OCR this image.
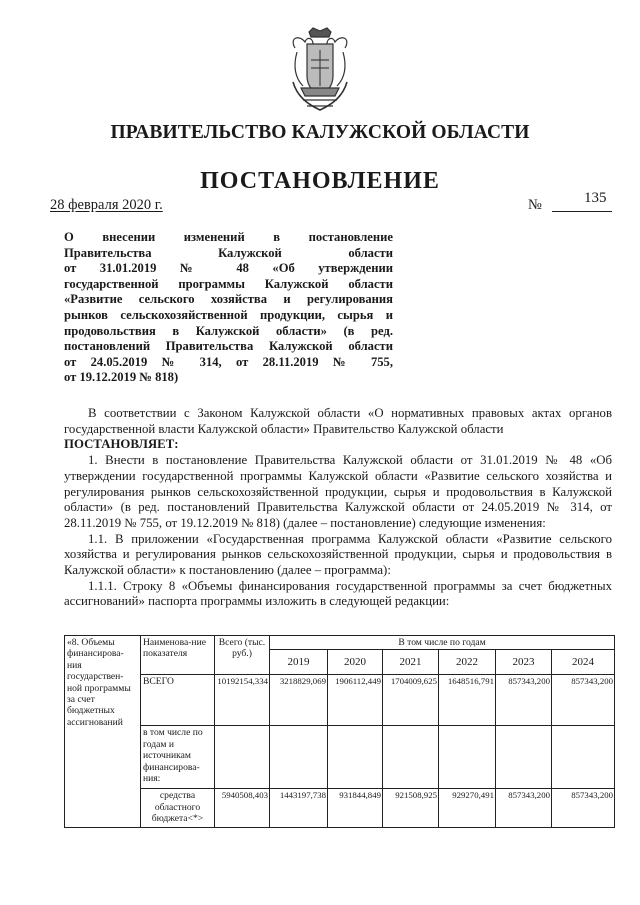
ПРАВИТЕЛЬСТВО КАЛУЖСКОЙ ОБЛАСТИ
ПОСТАНОВЛЕНИЕ
28 февраля 2020 г.	№	135
О внесении изменений в постановление
Правительства Калужской области
от 31.01.2019 № 48 «Об утверждении
государственной программы Калужской области
«Развитие сельского хозяйства и регулирования
рынков сельскохозяйственной продукции, сырья и
продовольствия в Калужской области» (в ред.
постановлений Правительства Калужской области
от 24.05.2019 № 314, от 28.11.2019 № 755,
от 19.12.2019 № 818)

В соответствии с Законом Калужской области «О нормативных правовых актах органов государственной власти Калужской области» Правительство Калужской области

ПОСТАНОВЛЯЕТ:

1. Внести в постановление Правительства Калужской области от 31.01.2019 № 48 «Об утверждении государственной программы Калужской области «Развитие сельского хозяйства и регулирования рынков сельскохозяйственной продукции, сырья и продовольствия в Калужской области» (в ред. постановлений Правительства Калужской области от 24.05.2019 № 314, от 28.11.2019 № 755, от 19.12.2019 № 818) (далее – постановление) следующие изменения:

1.1. В приложении «Государственная программа Калужской области «Развитие сельского хозяйства и регулирования рынков сельскохозяйственной продукции, сырья и продовольствия в Калужской области» к постановлению (далее – программа):

1.1.1. Строку 8 «Объемы финансирования государственной программы за счет бюджетных ассигнований» паспорта программы изложить в следующей редакции:

«8. Объемы финансирова-ния государствен-ной программы за счет бюджетных ассигнований	Наименова-ние показателя	Всего (тыс. руб.)	В том числе по годам					
			2019	2020	2021	2022	2023	2024
	ВСЕГО	10192154,334	3218829,069	1906112,449	1704009,625	1648516,791	857343,200	857343,200
	в том числе по годам и источникам финансирова-ния:							
	средства областного бюджета<*>	5940508,403	1443197,738	931844,849	921508,925	929270,491	857343,200	857343,200
